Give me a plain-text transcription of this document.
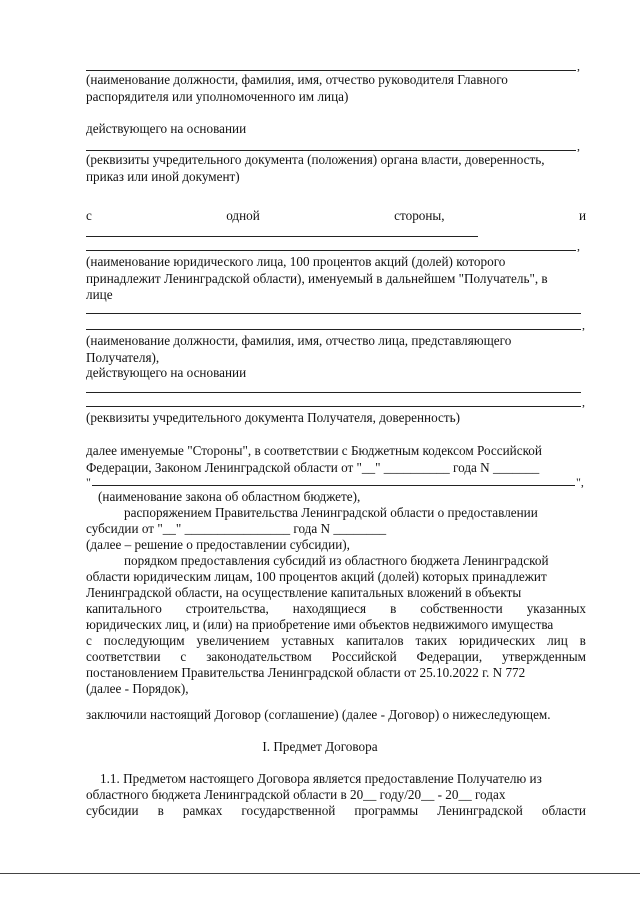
,
(наименование должности, фамилия, имя, отчество руководителя Главного
распорядителя или уполномоченного им лица)
действующего на основании
,
(реквизиты учредительного документа (положения) органа власти, доверенность,
приказ или иной документ)
с	одной	стороны,	и
,
(наименование юридического лица, 100 процентов акций (долей) которого
принадлежит Ленинградской области), именуемый в дальнейшем "Получатель", в
лице
,
(наименование должности, фамилия, имя, отчество лица, представляющего
Получателя),
действующего на основании
,
(реквизиты учредительного документа Получателя, доверенность)
далее именуемые "Стороны", в соответствии с Бюджетным кодексом Российской
Федерации, Законом Ленинградской области от "__" __________ года N _______
"	",
(наименование закона об областном бюджете),
распоряжением Правительства Ленинградской области о предоставлении
субсидии от "__" ________________ года N ________
(далее – решение о предоставлении субсидии),
порядком предоставления субсидий из областного бюджета Ленинградской
области юридическим лицам, 100 процентов акций (долей) которых принадлежит
Ленинградской области, на осуществление капитальных вложений в объекты
капитального строительства, находящиеся в собственности указанных
юридических лиц, и (или) на приобретение ими объектов недвижимого имущества
с последующим увеличением уставных капиталов таких юридических лиц в
соответствии с законодательством Российской Федерации, утвержденным
постановлением Правительства Ленинградской области от 25.10.2022 г. N 772
(далее - Порядок),
заключили настоящий Договор (соглашение) (далее - Договор) о нижеследующем.
I. Предмет Договора
1.1. Предметом настоящего Договора является предоставление Получателю из
областного бюджета Ленинградской области в 20__ году/20__ - 20__ годах
субсидии в рамках государственной программы Ленинградской области
